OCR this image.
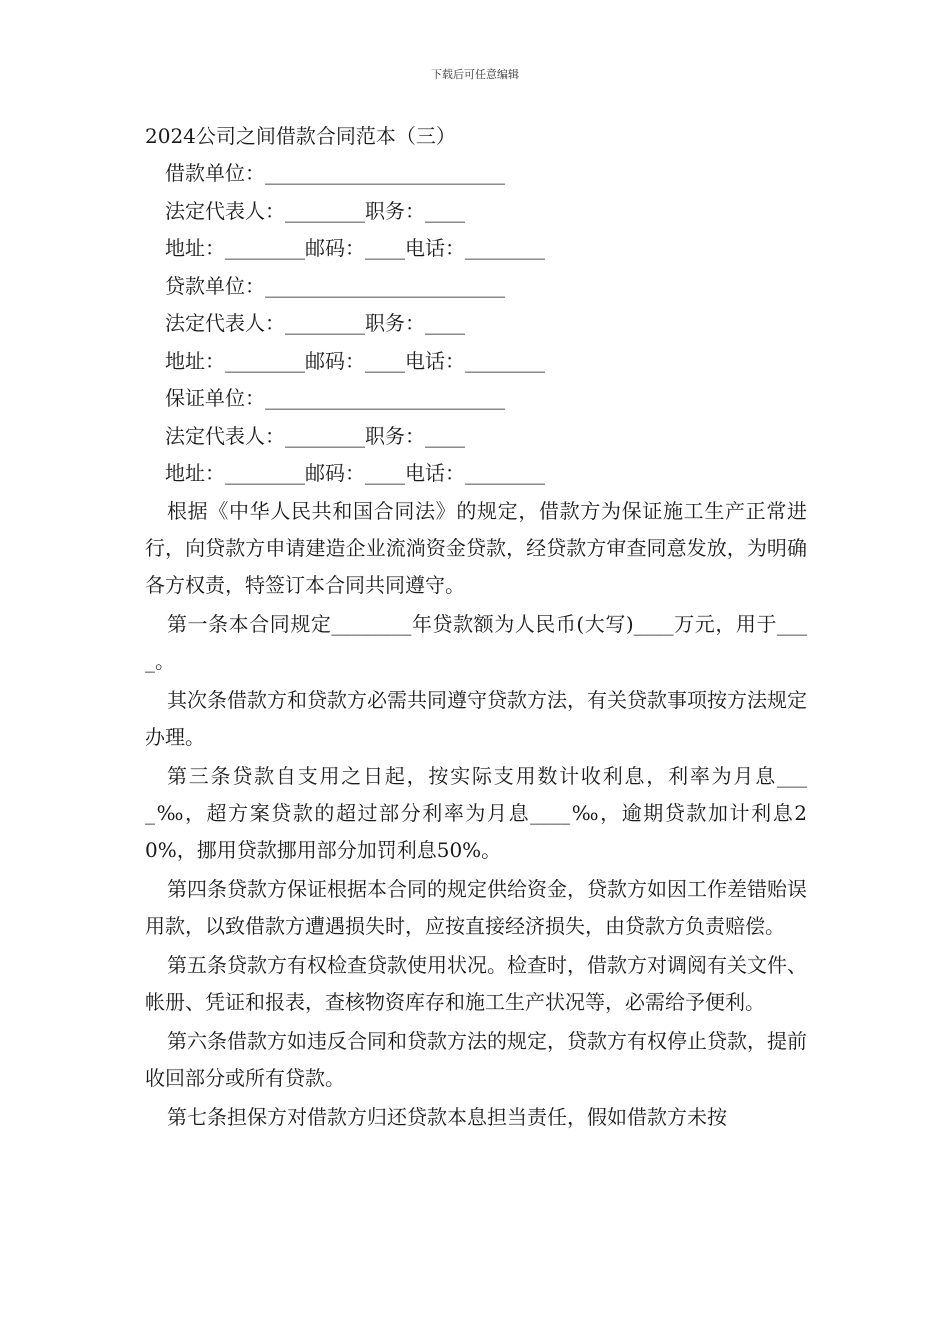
下载后可任意编辑
2024公司之间借款合同范本（三）
借款单位：________________________
法定代表人：________职务：____
地址：________邮码：____电话：________
贷款单位：________________________
法定代表人：________职务：____
地址：________邮码：____电话：________
保证单位：________________________
法定代表人：________职务：____
地址：________邮码：____电话：________

根据《中华人民共和国合同法》的规定，借款方为保证施工生产正常进行，向贷款方申请建造企业流淌资金贷款，经贷款方审查同意发放，为明确各方权责，特签订本合同共同遵守。

第一条本合同规定________年贷款额为人民币(大写)____万元，用于____。

其次条借款方和贷款方必需共同遵守贷款方法，有关贷款事项按方法规定办理。

第三条贷款自支用之日起，按实际支用数计收利息，利率为月息____‰，超方案贷款的超过部分利率为月息____‰，逾期贷款加计利息20%，挪用贷款挪用部分加罚利息50%。

第四条贷款方保证根据本合同的规定供给资金，贷款方如因工作差错贻误用款，以致借款方遭遇损失时，应按直接经济损失，由贷款方负责赔偿。

第五条贷款方有权检查贷款使用状况。检查时，借款方对调阅有关文件、帐册、凭证和报表，查核物资库存和施工生产状况等，必需给予便利。

第六条借款方如违反合同和贷款方法的规定，贷款方有权停止贷款，提前收回部分或所有贷款。

第七条担保方对借款方归还贷款本息担当责任，假如借款方未按
